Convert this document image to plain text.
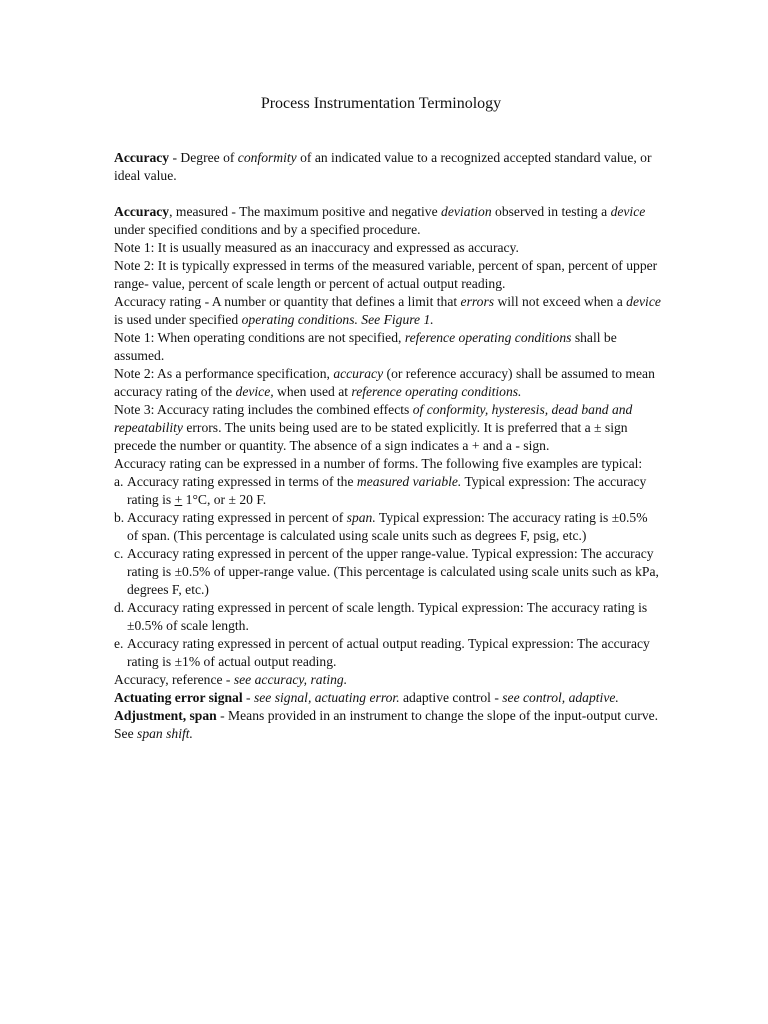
Process Instrumentation Terminology

Accuracy - Degree of conformity of an indicated value to a recognized accepted standard value, or ideal value.

Accuracy, measured - The maximum positive and negative deviation observed in testing a device under specified conditions and by a specified procedure.

Note 1: It is usually measured as an inaccuracy and expressed as accuracy.

Note 2: It is typically expressed in terms of the measured variable, percent of span, percent of upper range- value, percent of scale length or percent of actual output reading.

Accuracy rating - A number or quantity that defines a limit that errors will not exceed when a device is used under specified operating conditions. See Figure 1.

Note 1: When operating conditions are not specified, reference operating conditions shall be assumed.

Note 2: As a performance specification, accuracy (or reference accuracy) shall be assumed to mean accuracy rating of the device, when used at reference operating conditions.

Note 3: Accuracy rating includes the combined effects of conformity, hysteresis, dead band and repeatability errors. The units being used are to be stated explicitly. It is preferred that a ± sign precede the number or quantity. The absence of a sign indicates a + and a - sign.

Accuracy rating can be expressed in a number of forms. The following five examples are typical:

a. Accuracy rating expressed in terms of the measured variable. Typical expression: The accuracy rating is + 1°C, or ± 20 F.
b. Accuracy rating expressed in percent of span. Typical expression: The accuracy rating is ±0.5% of span. (This percentage is calculated using scale units such as degrees F, psig, etc.)
c. Accuracy rating expressed in percent of the upper range-value. Typical expression: The accuracy rating is ±0.5% of upper-range value. (This percentage is calculated using scale units such as kPa, degrees F, etc.)
d. Accuracy rating expressed in percent of scale length. Typical expression: The accuracy rating is ±0.5% of scale length.
e. Accuracy rating expressed in percent of actual output reading. Typical expression: The accuracy rating is ±1% of actual output reading.

Accuracy, reference - see accuracy, rating.

Actuating error signal - see signal, actuating error. adaptive control - see control, adaptive.

Adjustment, span - Means provided in an instrument to change the slope of the input-output curve. See span shift.
